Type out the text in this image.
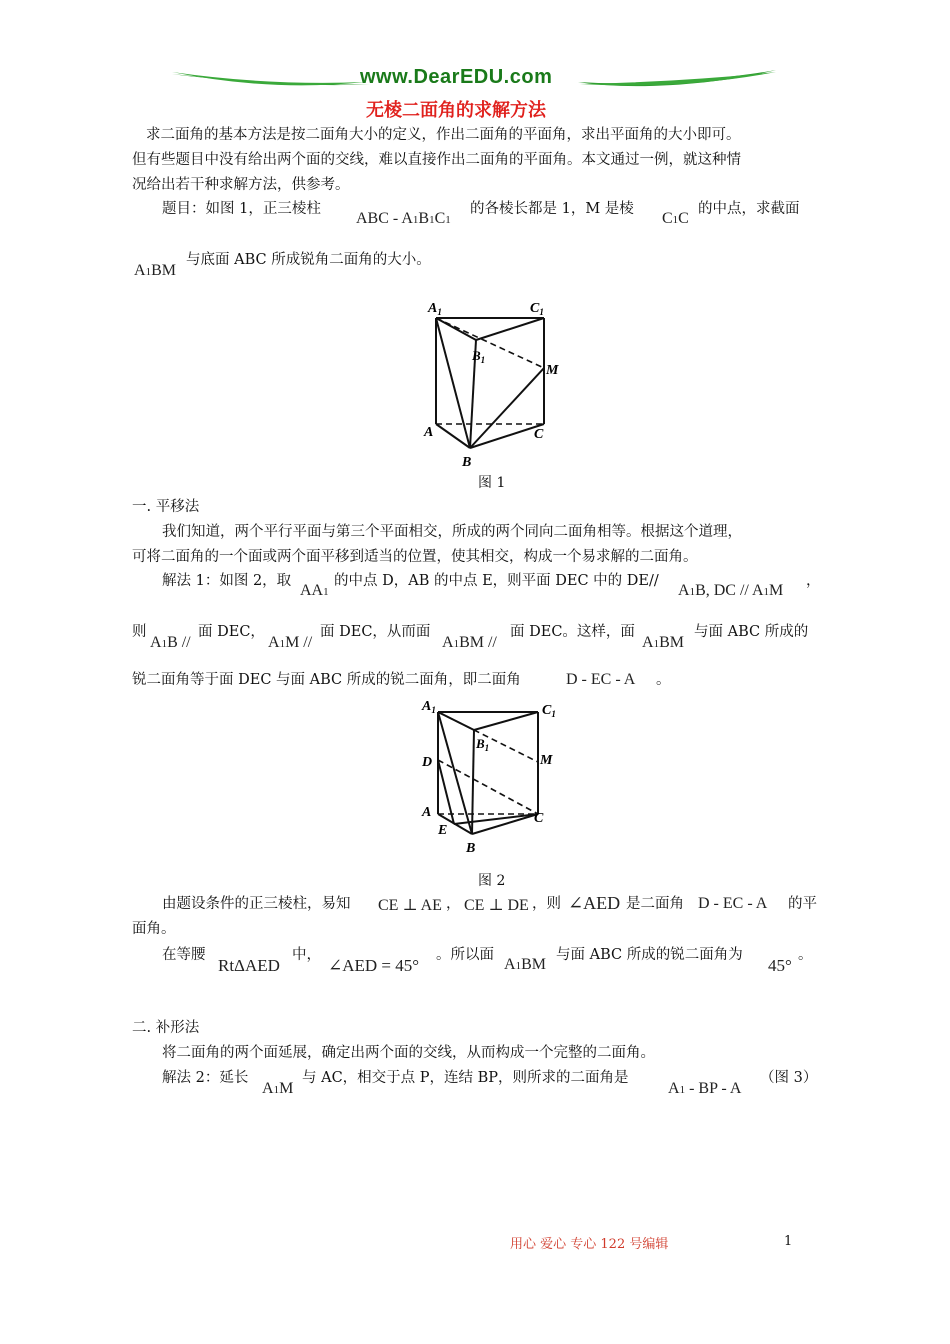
www.DearEDU.com
无棱二面角的求解方法
求二面角的基本方法是按二面角大小的定义，作出二面角的平面角，求出平面角的大小即可。
但有些题目中没有给出两个面的交线，难以直接作出二面角的平面角。本文通过一例，就这种情
况给出若干种求解方法，供参考。
题目：如图 1，正三棱柱
ABC - A1B1C1
的各棱长都是 1，M 是棱
C1C
的中点，求截面
A1BM
与底面 ABC 所成锐角二面角的大小。
$A_1$	$C_1$
$B_1$
M
A	C
B
图 1
一. 平移法
我们知道，两个平行平面与第三个平面相交，所成的两个同向二面角相等。根据这个道理，
可将二面角的一个面或两个面平移到适当的位置，使其相交，构成一个易求解的二面角。
解法 1：如图 2，取
AA1
的中点 D，AB 的中点 E，则平面 DEC 中的 DE//
A1B, DC // A1M
，
则
A1B //
面 DEC，
A1M //
面 DEC，从而面
A1BM //
面 DEC。这样，面
A1BM
与面 ABC 所成的
锐二面角等于面 DEC 与面 ABC 所成的锐二面角，即二面角	D - EC - A 。
$A_1$	$C_1$
$B_1$
D	M
A
E
C
B
图 2
由题设条件的正三棱柱，易知 CE ⊥ AE ， CE ⊥ DE ，则 ∠AED 是二面角 D - EC - A 的平
面角。
在等腰
RtΔAED
中，
∠AED = 45°
。所以面
A1BM
与面 ABC 所成的锐二面角为
45°
。
二. 补形法
将二面角的两个面延展，确定出两个面的交线，从而构成一个完整的二面角。
解法 2：延长
A1M
与 AC，相交于点 P，连结 BP，则所求的二面角是
A1 - BP - A
（图 3）
用心 爱心 专心 122 号编辑	1
